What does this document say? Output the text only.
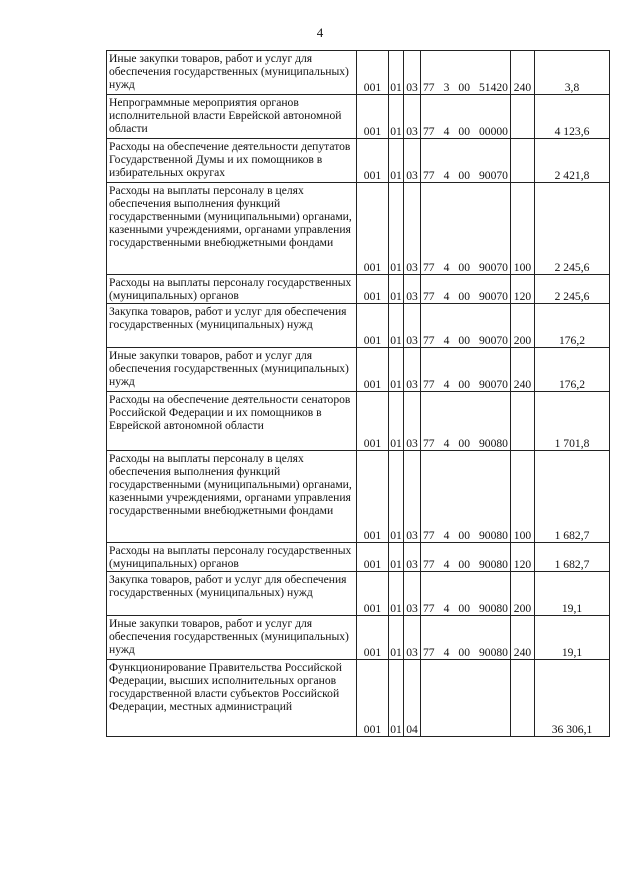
4
Иные закупки товаров, работ и услуг для обеспечения государственных (муниципальных) нужд	001	01	03	77 3 00 51420	240	3,8
Непрограммные мероприятия органов исполнительной власти Еврейской автономной области	001	01	03	77 4 00 00000		4 123,6
Расходы на обеспечение деятельности депутатов Государственной Думы и их помощников в избирательных округах	001	01	03	77 4 00 90070		2 421,8
Расходы на выплаты персоналу в целях обеспечения выполнения функций государственными (муниципальными) органами, казенными учреждениями, органами управления государственными внебюджетными фондами	001	01	03	77 4 00 90070	100	2 245,6
Расходы на выплаты персоналу государственных (муниципальных) органов	001	01	03	77 4 00 90070	120	2 245,6
Закупка товаров, работ и услуг для обеспечения государственных (муниципальных) нужд	001	01	03	77 4 00 90070	200	176,2
Иные закупки товаров, работ и услуг для обеспечения государственных (муниципальных) нужд	001	01	03	77 4 00 90070	240	176,2
Расходы на обеспечение деятельности сенаторов Российской Федерации и их помощников в Еврейской автономной области	001	01	03	77 4 00 90080		1 701,8
Расходы на выплаты персоналу в целях обеспечения выполнения функций государственными (муниципальными) органами, казенными учреждениями, органами управления государственными внебюджетными фондами	001	01	03	77 4 00 90080	100	1 682,7
Расходы на выплаты персоналу государственных (муниципальных) органов	001	01	03	77 4 00 90080	120	1 682,7
Закупка товаров, работ и услуг для обеспечения государственных (муниципальных) нужд	001	01	03	77 4 00 90080	200	19,1
Иные закупки товаров, работ и услуг для обеспечения государственных (муниципальных) нужд	001	01	03	77 4 00 90080	240	19,1
Функционирование Правительства Российской Федерации, высших исполнительных органов государственной власти субъектов Российской Федерации, местных администраций	001	01	04			36 306,1
